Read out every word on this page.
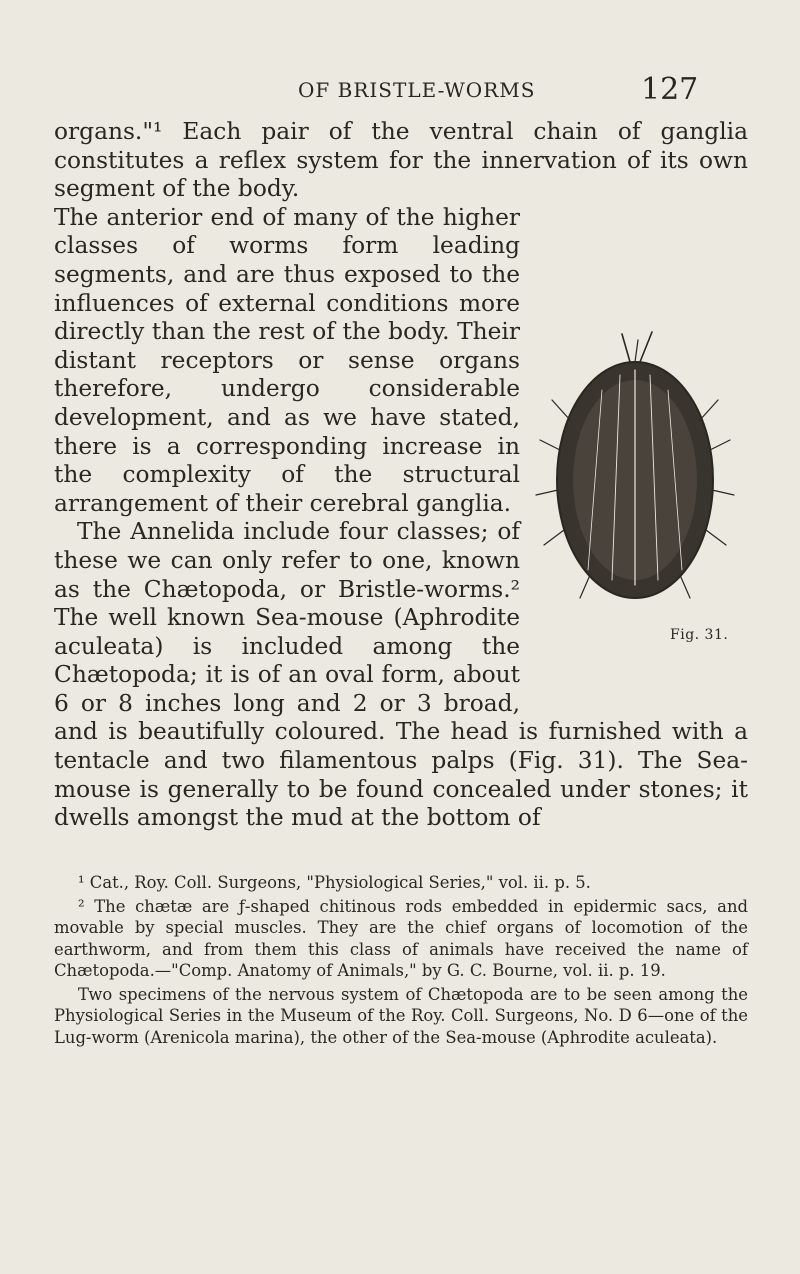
OF BRISTLE-WORMS	127

organs."¹ Each pair of the ventral chain of ganglia constitutes a reflex system for the innervation of its own segment of the body.

Fig. 31.

The anterior end of many of the higher classes of worms form leading segments, and are thus exposed to the influences of external conditions more directly than the rest of the body. Their distant receptors or sense organs therefore, undergo considerable development, and as we have stated, there is a corresponding increase in the complexity of the structural arrangement of their cerebral ganglia.

The Annelida include four classes; of these we can only refer to one, known as the Chætopoda, or Bristle-worms.² The well known Sea-mouse (Aphrodite aculeata) is included among the Chætopoda; it is of an oval form, about 6 or 8 inches long and 2 or 3 broad, and is beautifully coloured. The head is furnished with a tentacle and two filamentous palps (Fig. 31). The Sea-mouse is generally to be found concealed under stones; it dwells amongst the mud at the bottom of

¹ Cat., Roy. Coll. Surgeons, "Physiological Series," vol. ii. p. 5.

² The chætæ are ƒ-shaped chitinous rods embedded in epidermic sacs, and movable by special muscles. They are the chief organs of locomotion of the earthworm, and from them this class of animals have received the name of Chætopoda.—"Comp. Anatomy of Animals," by G. C. Bourne, vol. ii. p. 19.

Two specimens of the nervous system of Chætopoda are to be seen among the Physiological Series in the Museum of the Roy. Coll. Surgeons, No. D 6—one of the Lug-worm (Arenicola marina), the other of the Sea-mouse (Aphrodite aculeata).
